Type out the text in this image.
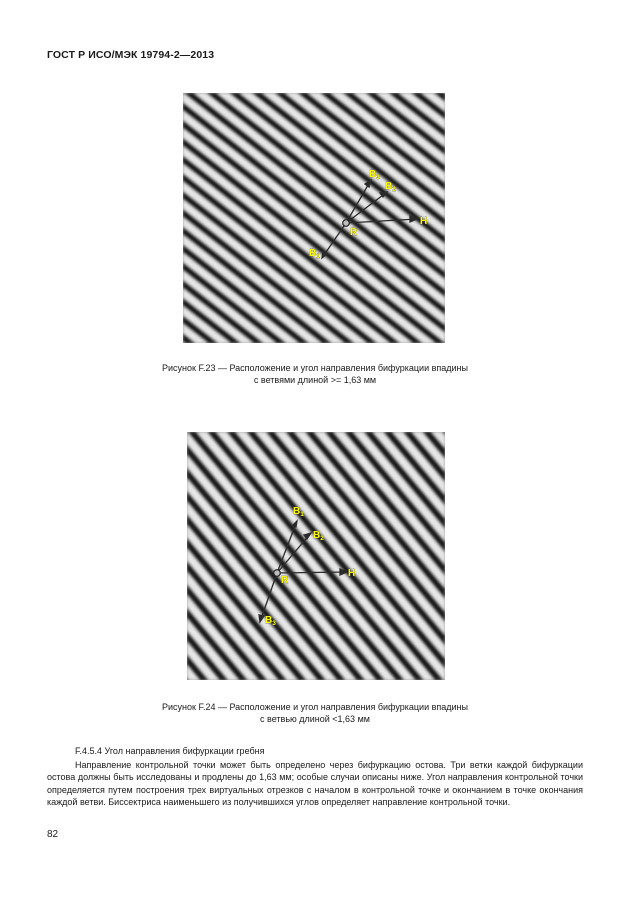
ГОСТ Р ИСО/МЭК 19794-2—2013
$B_3$
$B_2$
H
R
$B_1$
Рисунок F.23 — Расположение и угол направления бифуркации впадины
с ветвями длиной >= 1,63 мм
$B_1$
$B_2$
H
R
$B_3$
Рисунок F.24 — Расположение и угол направления бифуркации впадины
с ветвью длиной <1,63 мм
F.4.5.4 Угол направления бифуркации гребня
Направление контрольной точки может быть определено через бифуркацию остова. Три ветки каждой бифуркации остова должны быть исследованы и продлены до 1,63 мм; особые случаи описаны ниже. Угол направления контрольной точки определяется путем построения трех виртуальных отрезков с началом в контрольной точке и окончанием в точке окончания каждой ветви. Биссектриса наименьшего из получившихся углов определяет направление контрольной точки.
82
